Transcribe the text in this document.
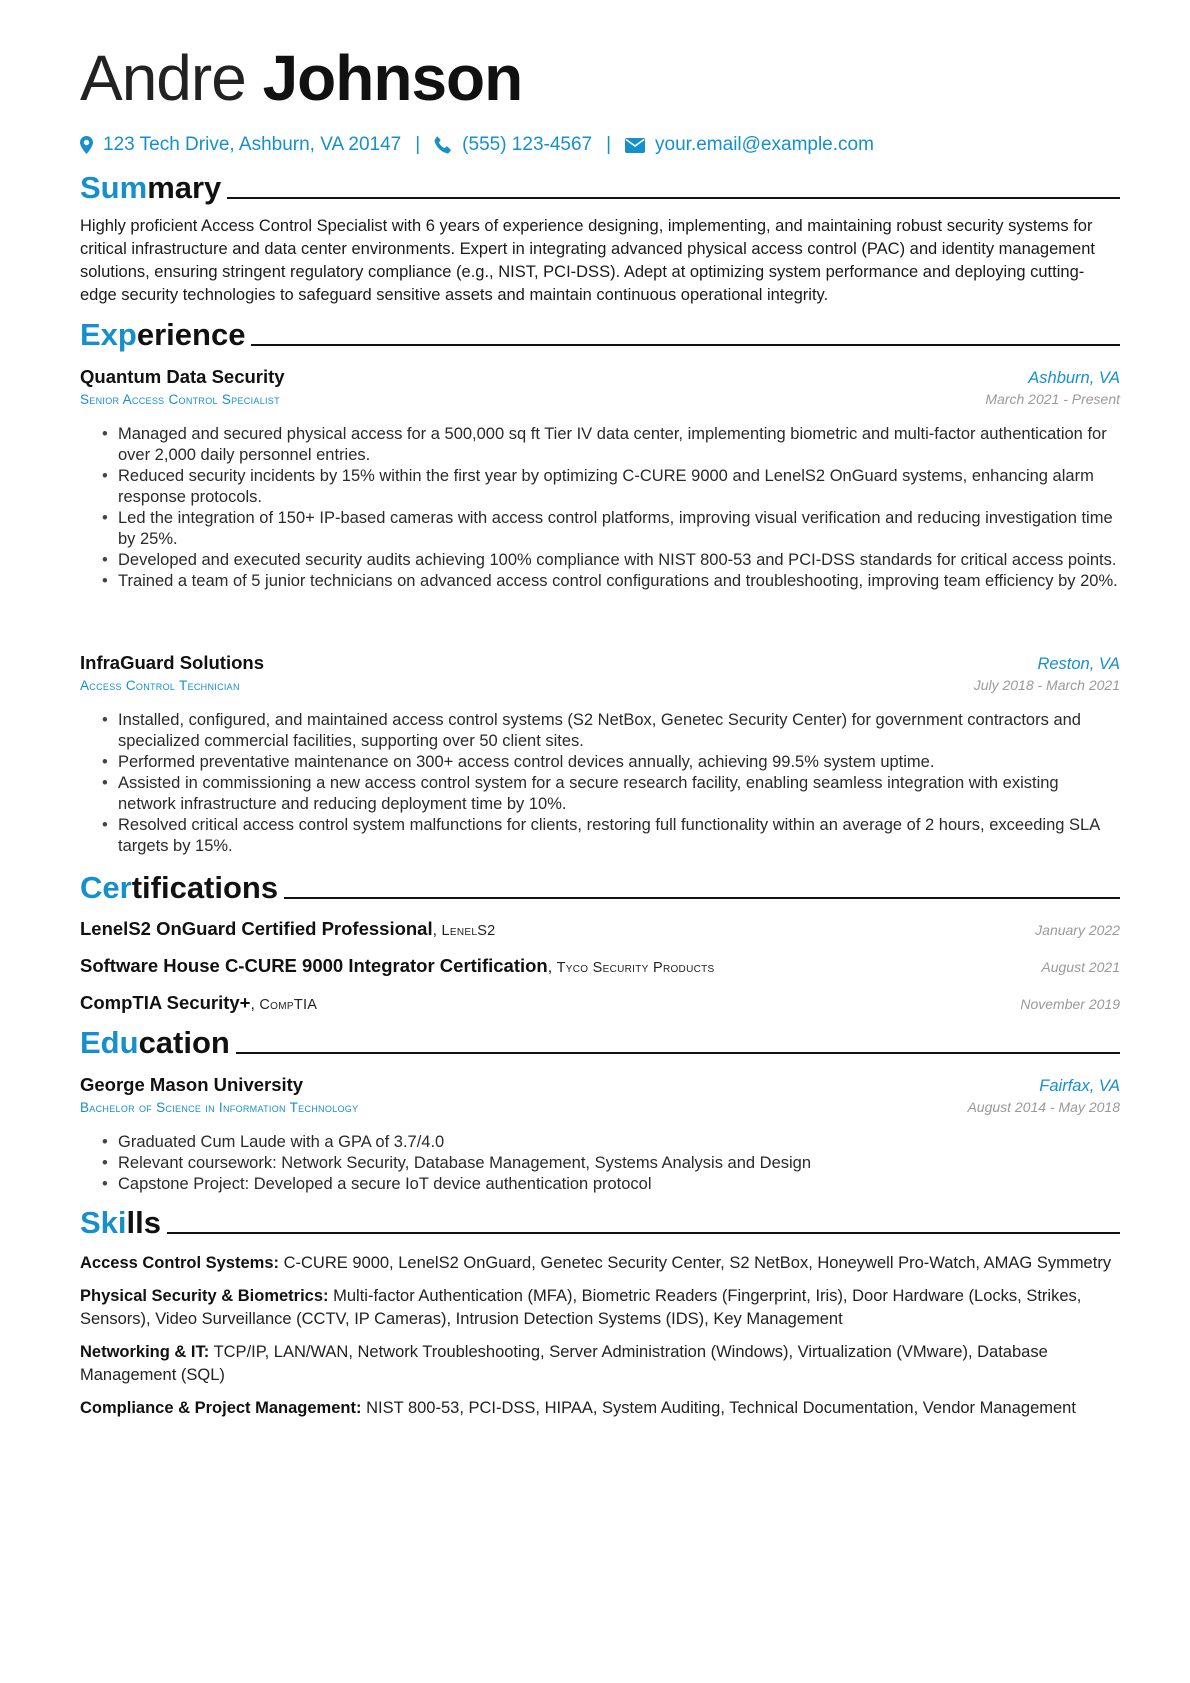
Andre Johnson
123 Tech Drive, Ashburn, VA 20147 | (555) 123-4567 | your.email@example.com
Summary
Highly proficient Access Control Specialist with 6 years of experience designing, implementing, and maintaining robust security systems for critical infrastructure and data center environments. Expert in integrating advanced physical access control (PAC) and identity management solutions, ensuring stringent regulatory compliance (e.g., NIST, PCI-DSS). Adept at optimizing system performance and deploying cutting-edge security technologies to safeguard sensitive assets and maintain continuous operational integrity.
Experience
Quantum Data Security	Ashburn, VA
Senior Access Control Specialist	March 2021 - Present
• Managed and secured physical access for a 500,000 sq ft Tier IV data center, implementing biometric and multi-factor authentication for over 2,000 daily personnel entries.
• Reduced security incidents by 15% within the first year by optimizing C-CURE 9000 and LenelS2 OnGuard systems, enhancing alarm response protocols.
• Led the integration of 150+ IP-based cameras with access control platforms, improving visual verification and reducing investigation time by 25%.
• Developed and executed security audits achieving 100% compliance with NIST 800-53 and PCI-DSS standards for critical access points.
• Trained a team of 5 junior technicians on advanced access control configurations and troubleshooting, improving team efficiency by 20%.
InfraGuard Solutions	Reston, VA
Access Control Technician	July 2018 - March 2021
• Installed, configured, and maintained access control systems (S2 NetBox, Genetec Security Center) for government contractors and specialized commercial facilities, supporting over 50 client sites.
• Performed preventative maintenance on 300+ access control devices annually, achieving 99.5% system uptime.
• Assisted in commissioning a new access control system for a secure research facility, enabling seamless integration with existing network infrastructure and reducing deployment time by 10%.
• Resolved critical access control system malfunctions for clients, restoring full functionality within an average of 2 hours, exceeding SLA targets by 15%.
Certifications
LenelS2 OnGuard Certified Professional, LenelS2	January 2022
Software House C-CURE 9000 Integrator Certification, Tyco Security Products	August 2021
CompTIA Security+, CompTIA	November 2019
Education
George Mason University	Fairfax, VA
Bachelor of Science in Information Technology	August 2014 - May 2018
• Graduated Cum Laude with a GPA of 3.7/4.0
• Relevant coursework: Network Security, Database Management, Systems Analysis and Design
• Capstone Project: Developed a secure IoT device authentication protocol
Skills
Access Control Systems: C-CURE 9000, LenelS2 OnGuard, Genetec Security Center, S2 NetBox, Honeywell Pro-Watch, AMAG Symmetry
Physical Security & Biometrics: Multi-factor Authentication (MFA), Biometric Readers (Fingerprint, Iris), Door Hardware (Locks, Strikes, Sensors), Video Surveillance (CCTV, IP Cameras), Intrusion Detection Systems (IDS), Key Management
Networking & IT: TCP/IP, LAN/WAN, Network Troubleshooting, Server Administration (Windows), Virtualization (VMware), Database Management (SQL)
Compliance & Project Management: NIST 800-53, PCI-DSS, HIPAA, System Auditing, Technical Documentation, Vendor Management
